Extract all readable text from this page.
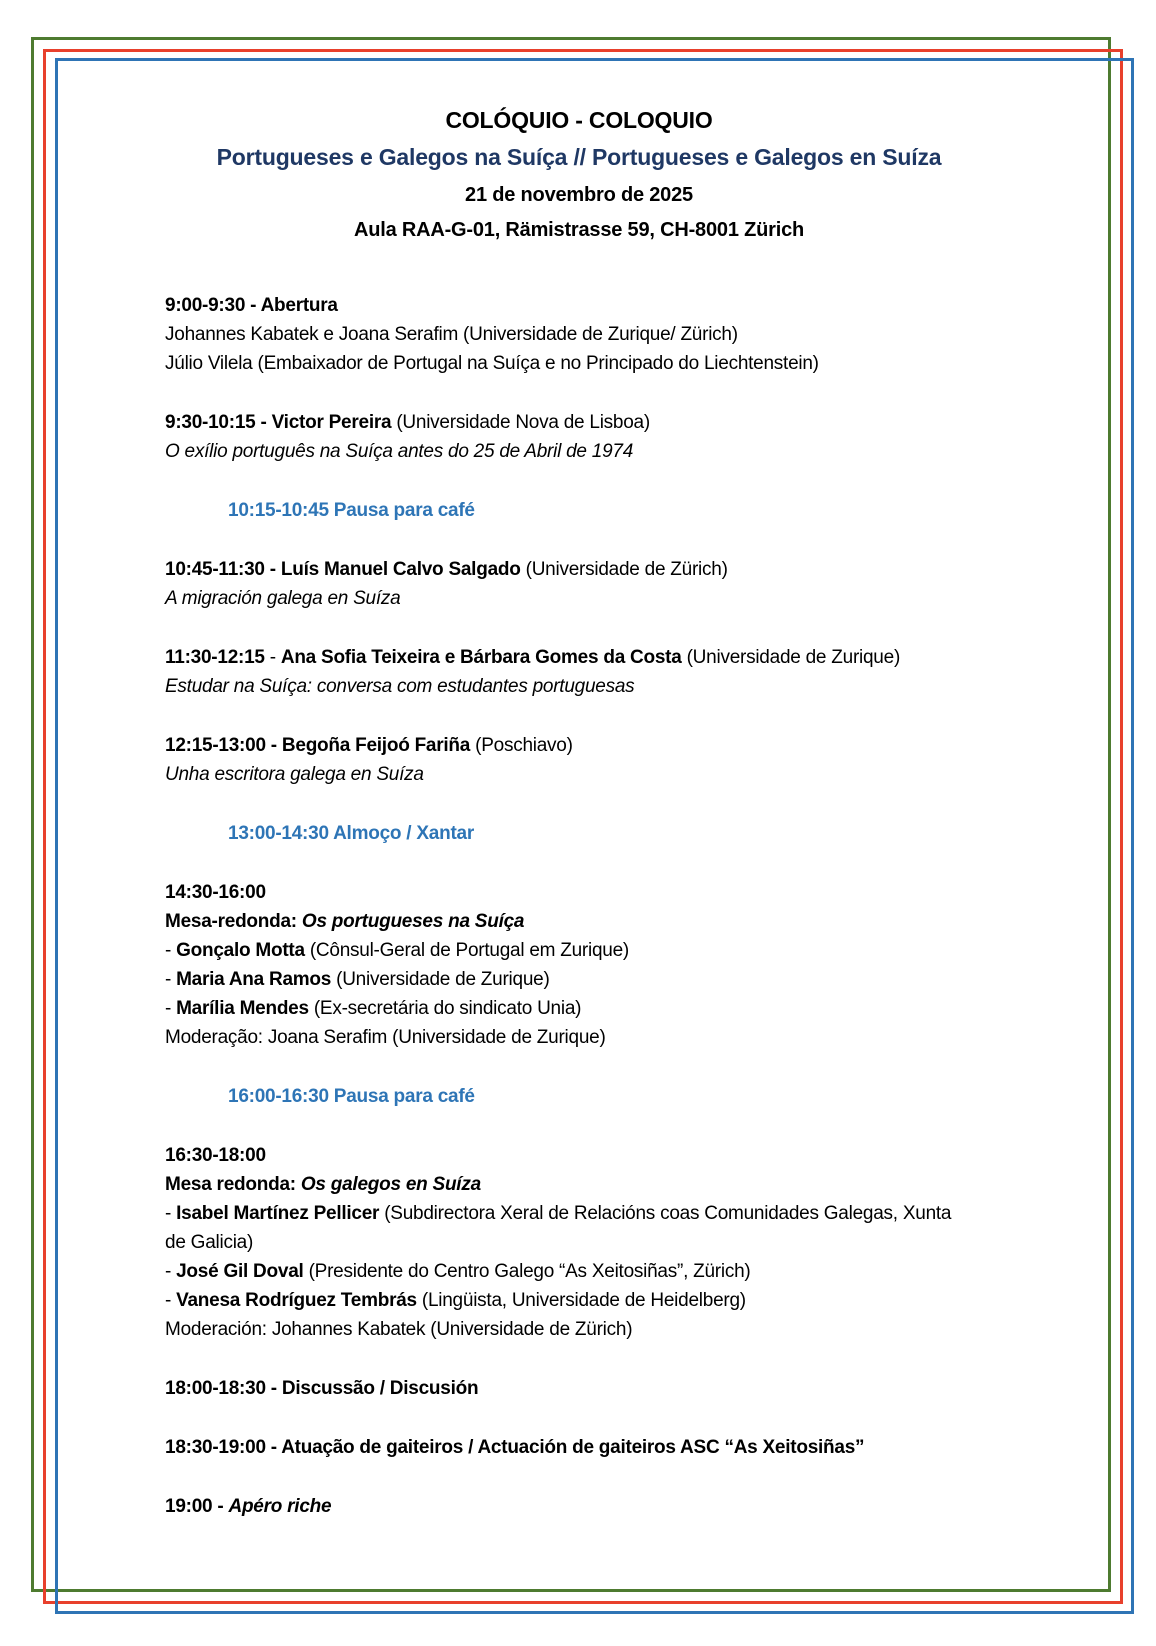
COLÓQUIO - COLOQUIO
Portugueses e Galegos na Suíça // Portugueses e Galegos en Suíza
21 de novembro de 2025
Aula RAA-G-01, Rämistrasse 59, CH-8001 Zürich
9:00-9:30 - Abertura
Johannes Kabatek e Joana Serafim (Universidade de Zurique/ Zürich)
Júlio Vilela (Embaixador de Portugal na Suíça e no Principado do Liechtenstein)
9:30-10:15 - Victor Pereira (Universidade Nova de Lisboa)
O exílio português na Suíça antes do 25 de Abril de 1974
10:15-10:45 Pausa para café
10:45-11:30 - Luís Manuel Calvo Salgado (Universidade de Zürich)
A migración galega en Suíza
11:30-12:15 - Ana Sofia Teixeira e Bárbara Gomes da Costa (Universidade de Zurique)
Estudar na Suíça: conversa com estudantes portuguesas
12:15-13:00 - Begoña Feijoó Fariña (Poschiavo)
Unha escritora galega en Suíza
13:00-14:30 Almoço / Xantar
14:30-16:00
Mesa-redonda: Os portugueses na Suíça
- Gonçalo Motta (Cônsul-Geral de Portugal em Zurique)
- Maria Ana Ramos (Universidade de Zurique)
- Marília Mendes (Ex-secretária do sindicato Unia)
Moderação: Joana Serafim (Universidade de Zurique)
16:00-16:30 Pausa para café
16:30-18:00
Mesa redonda: Os galegos en Suíza
- Isabel Martínez Pellicer (Subdirectora Xeral de Relacións coas Comunidades Galegas, Xunta
de Galicia)
- José Gil Doval (Presidente do Centro Galego “As Xeitosiñas”, Zürich)
- Vanesa Rodríguez Tembrás (Lingüista, Universidade de Heidelberg)
Moderación: Johannes Kabatek (Universidade de Zürich)
18:00-18:30 - Discussão / Discusión
18:30-19:00 - Atuação de gaiteiros / Actuación de gaiteiros ASC “As Xeitosiñas”
19:00 - Apéro riche
